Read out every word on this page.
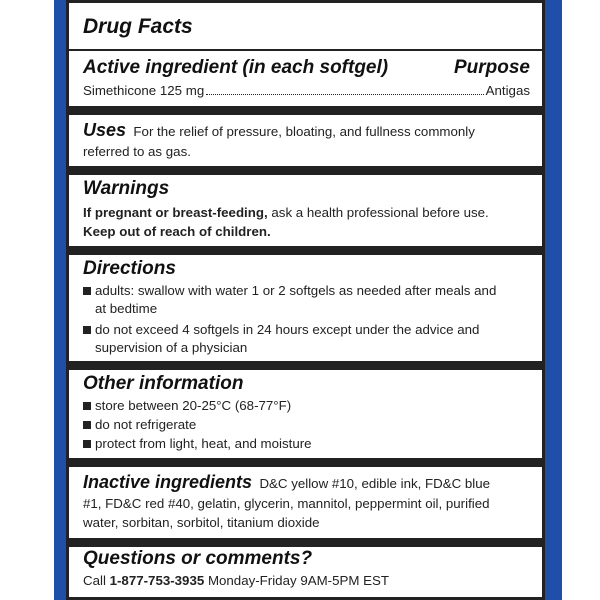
Drug Facts
Active ingredient (in each softgel)	Purpose
Simethicone 125 mg	Antigas
Uses For the relief of pressure, bloating, and fullness commonly
referred to as gas.
Warnings
If pregnant or breast-feeding, ask a health professional before use.
Keep out of reach of children.
Directions
adults: swallow with water 1 or 2 softgels as needed after meals and
at bedtime
do not exceed 4 softgels in 24 hours except under the advice and
supervision of a physician
Other information
store between 20-25°C (68-77°F)
do not refrigerate
protect from light, heat, and moisture
Inactive ingredients D&C yellow #10, edible ink, FD&C blue
#1, FD&C red #40, gelatin, glycerin, mannitol, peppermint oil, purified
water, sorbitan, sorbitol, titanium dioxide
Questions or comments?
Call 1-877-753-3935 Monday-Friday 9AM-5PM EST
